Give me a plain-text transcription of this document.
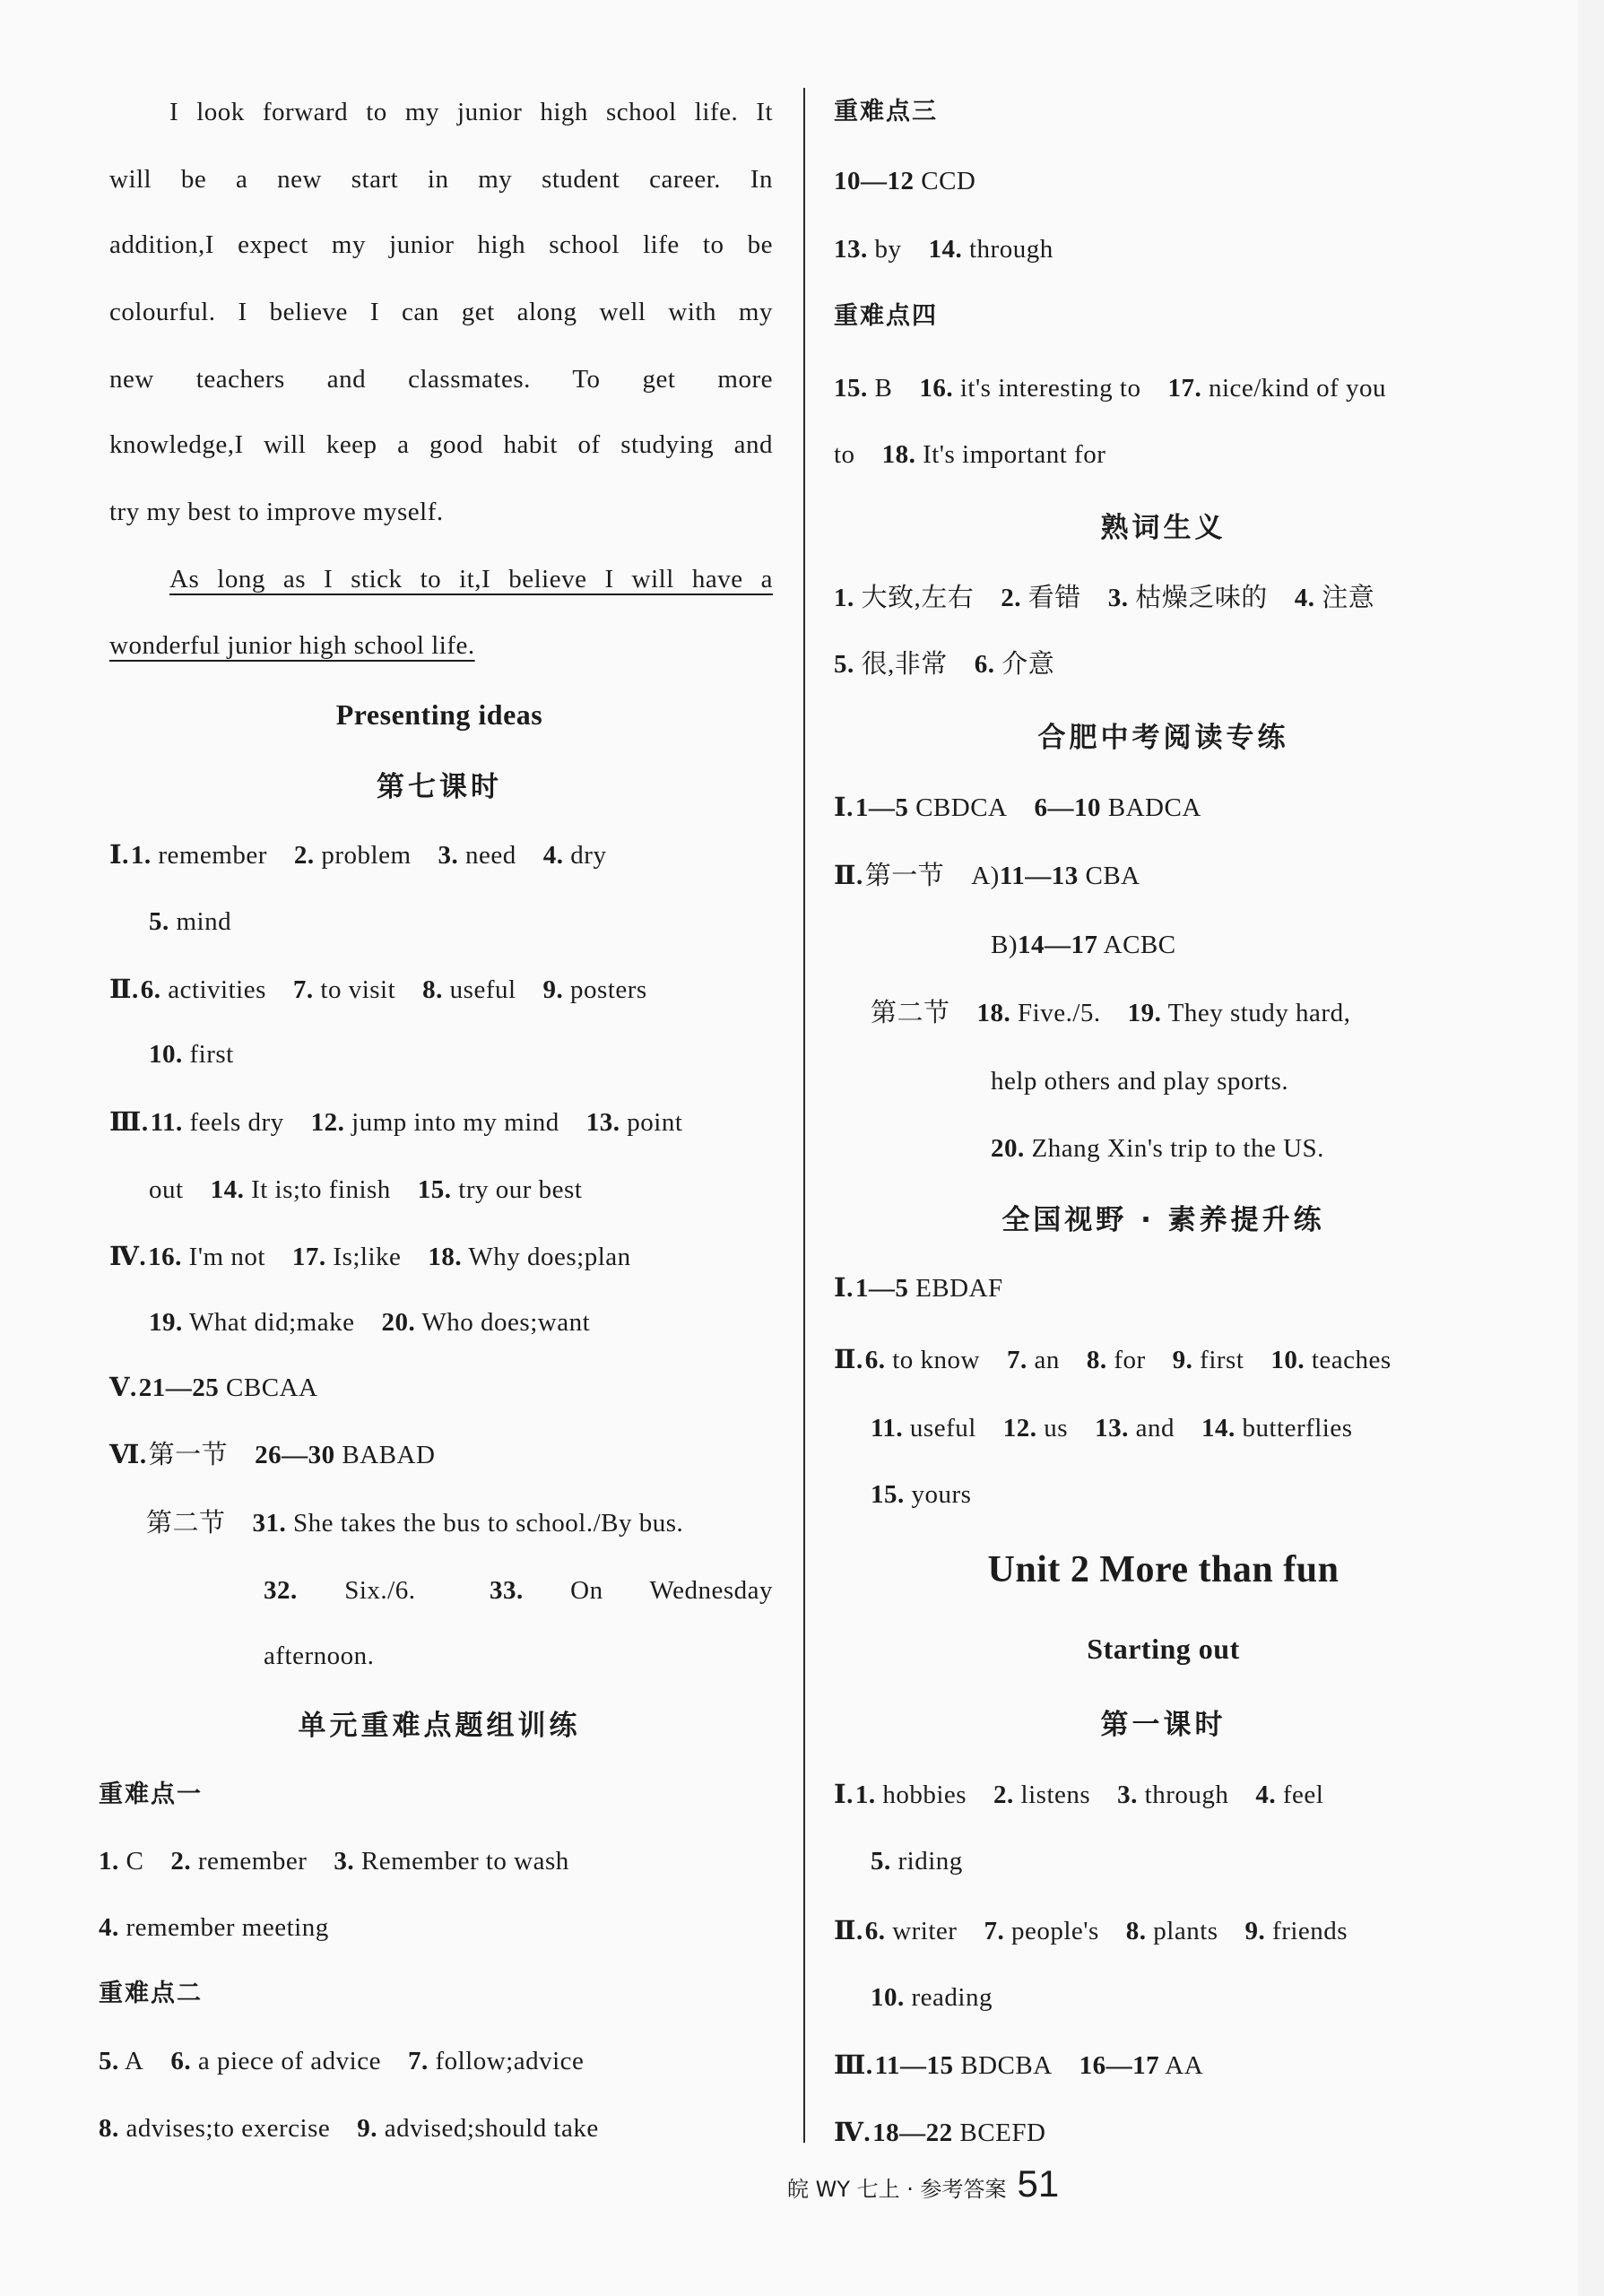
I look forward to my junior high school life. It
will be a new start in my student career. In
addition,I expect my junior high school life to be
colourful. I believe I can get along well with my
new teachers and classmates. To get more
knowledge,I will keep a good habit of studying and
try my best to improve myself.
As long as I stick to it,I believe I will have a
wonderful junior high school life.
Presenting ideas
第七课时
Ⅰ.1. remember 2. problem 3. need 4. dry
5. mind
Ⅱ.6. activities 7. to visit 8. useful 9. posters
10. first
Ⅲ.11. feels dry 12. jump into my mind 13. point
out 14. It is;to finish 15. try our best
Ⅳ.16. I'm not 17. Is;like 18. Why does;plan
19. What did;make 20. Who does;want
Ⅴ.21—25 CBCAA
Ⅵ.第一节 26—30 BABAD
第二节 31. She takes the bus to school./By bus.
32. Six./6.	33. On Wednesday
afternoon.
单元重难点题组训练
重难点一
1. C 2. remember 3. Remember to wash
4. remember meeting
重难点二
5. A 6. a piece of advice 7. follow;advice
8. advises;to exercise 9. advised;should take
重难点三
10—12 CCD
13. by 14. through
重难点四
15. B 16. it's interesting to 17. nice/kind of you
to 18. It's important for
熟词生义
1. 大致,左右 2. 看错 3. 枯燥乏味的 4. 注意
5. 很,非常 6. 介意
合肥中考阅读专练
Ⅰ.1—5 CBDCA 6—10 BADCA
Ⅱ.第一节 A)11—13 CBA
B)14—17 ACBC
第二节 18. Five./5. 19. They study hard,
help others and play sports.
20. Zhang Xin's trip to the US.
全国视野 · 素养提升练
Ⅰ.1—5 EBDAF
Ⅱ.6. to know 7. an 8. for 9. first 10. teaches
11. useful 12. us 13. and 14. butterflies
15. yours
Unit 2 More than fun
Starting out
第一课时
Ⅰ.1. hobbies 2. listens 3. through 4. feel
5. riding
Ⅱ.6. writer 7. people's 8. plants 9. friends
10. reading
Ⅲ.11—15 BDCBA 16—17 AA
Ⅳ.18—22 BCEFD
皖 WY 七上 · 参考答案 51
